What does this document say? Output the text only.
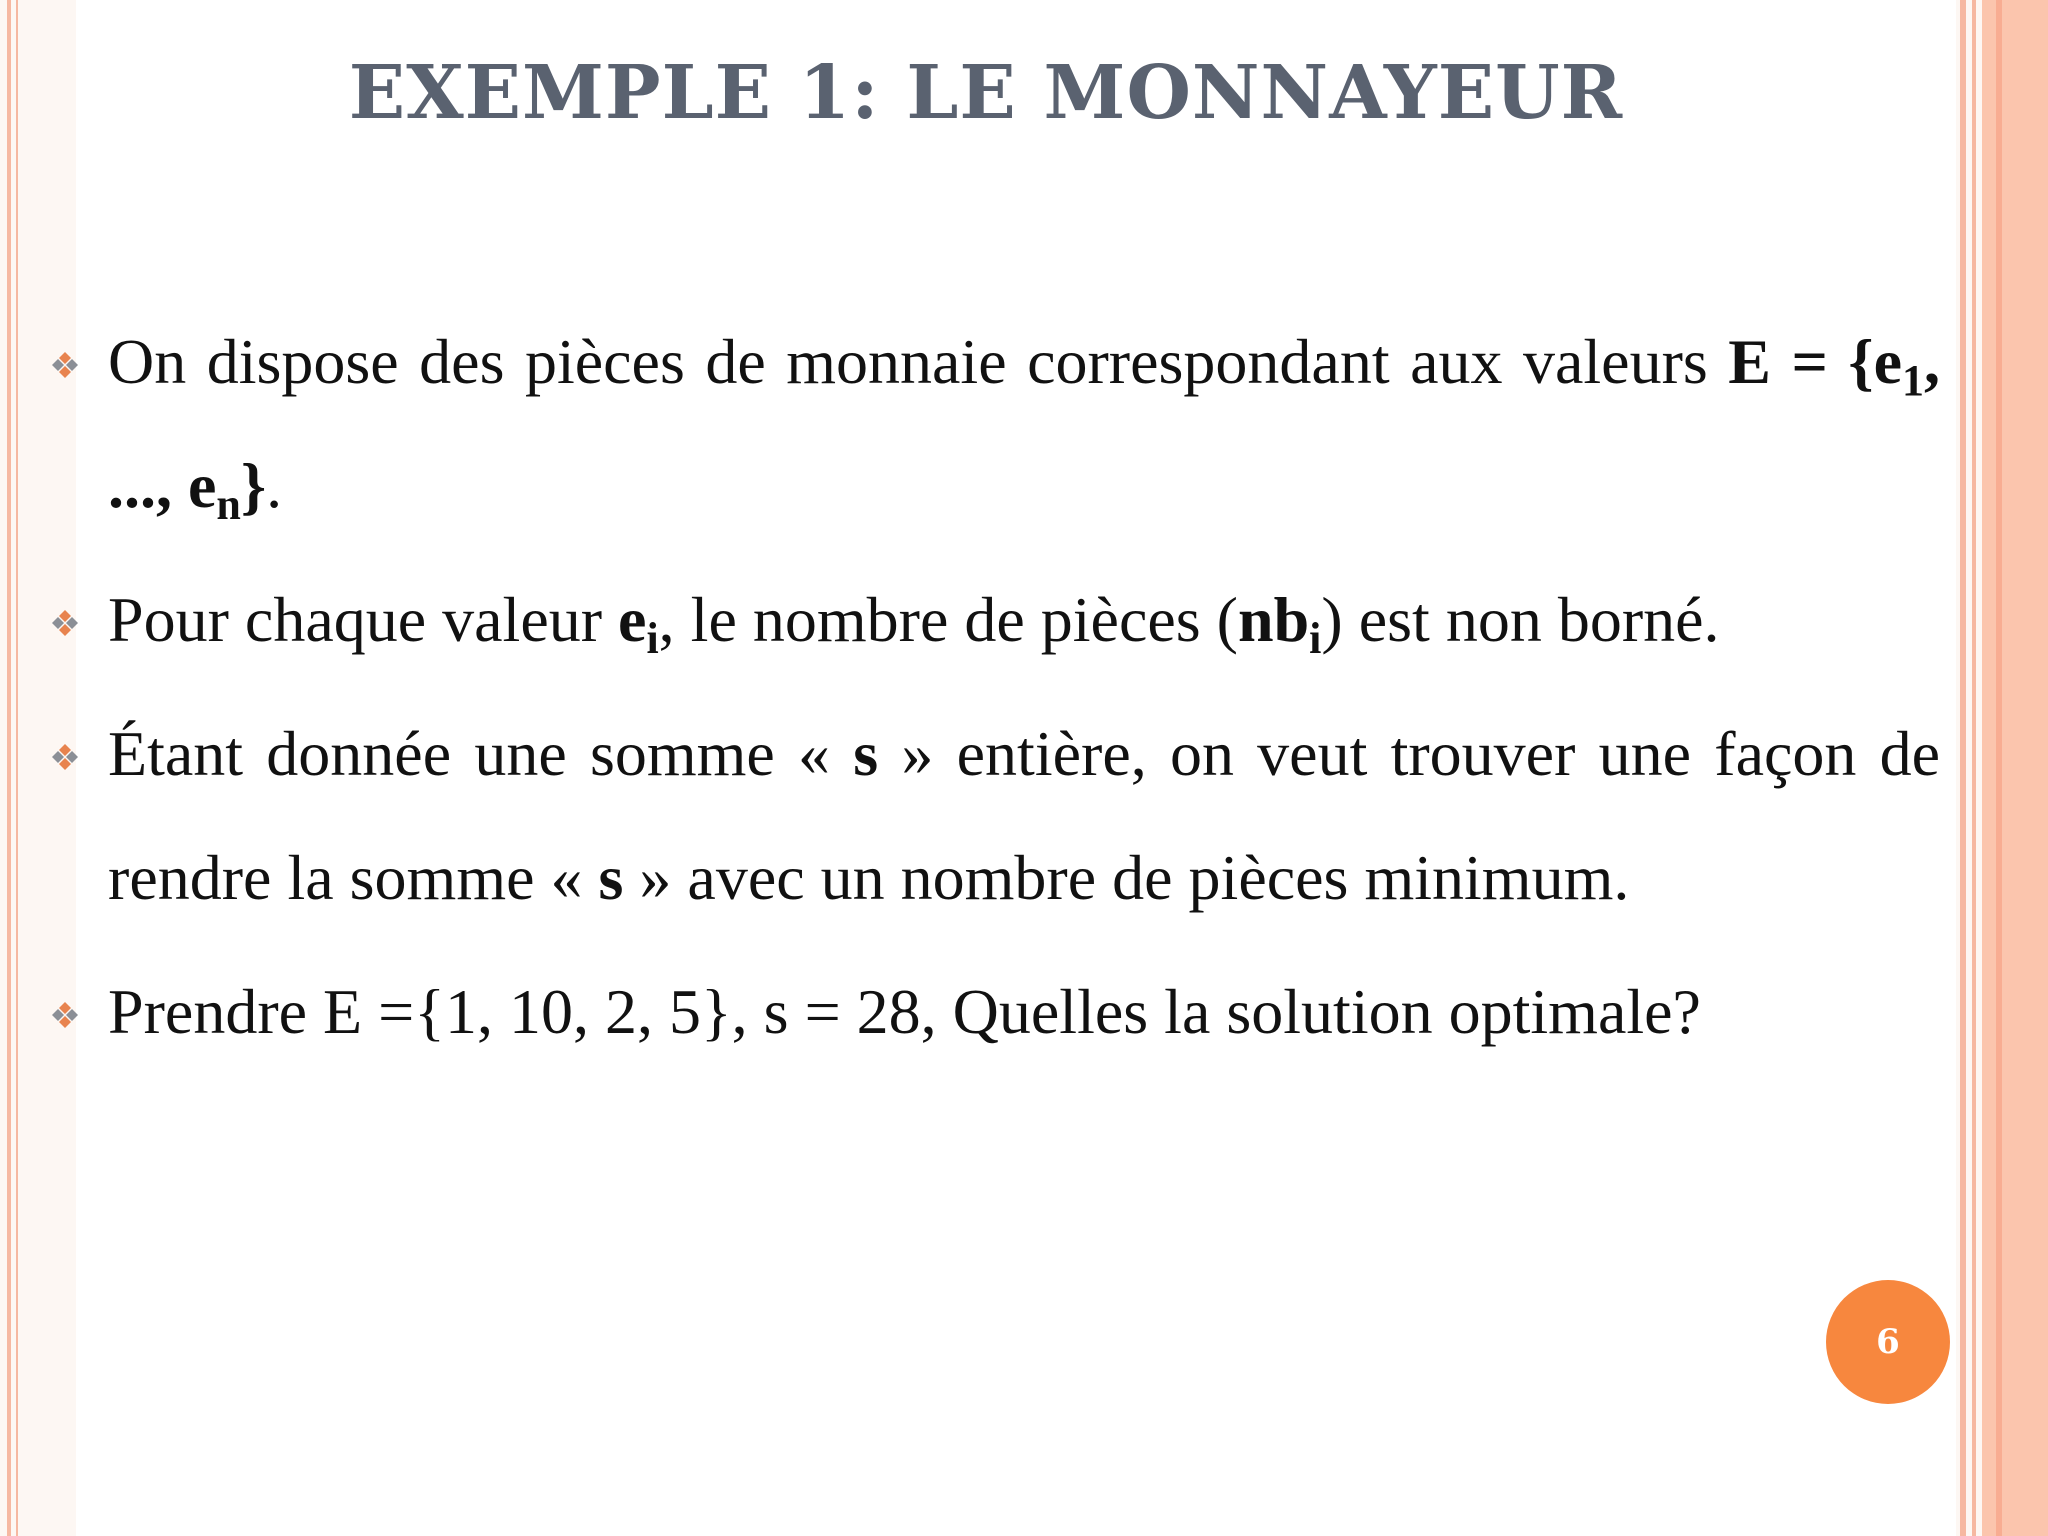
EXEMPLE 1: LE MONNAYEUR
On dispose des pièces de monnaie correspondant aux valeurs $E = \{e_1$, ..., $e_n$}.
Pour chaque valeur $e_i$, le nombre de pièces $(nb_i)$ est non borné.
Étant donnée une somme « s » entière, on veut trouver une façon de rendre la somme « s » avec un nombre de pièces minimum.
Prendre E ={1, 10, 2, 5}, s = 28, Quelles la solution optimale?
6
